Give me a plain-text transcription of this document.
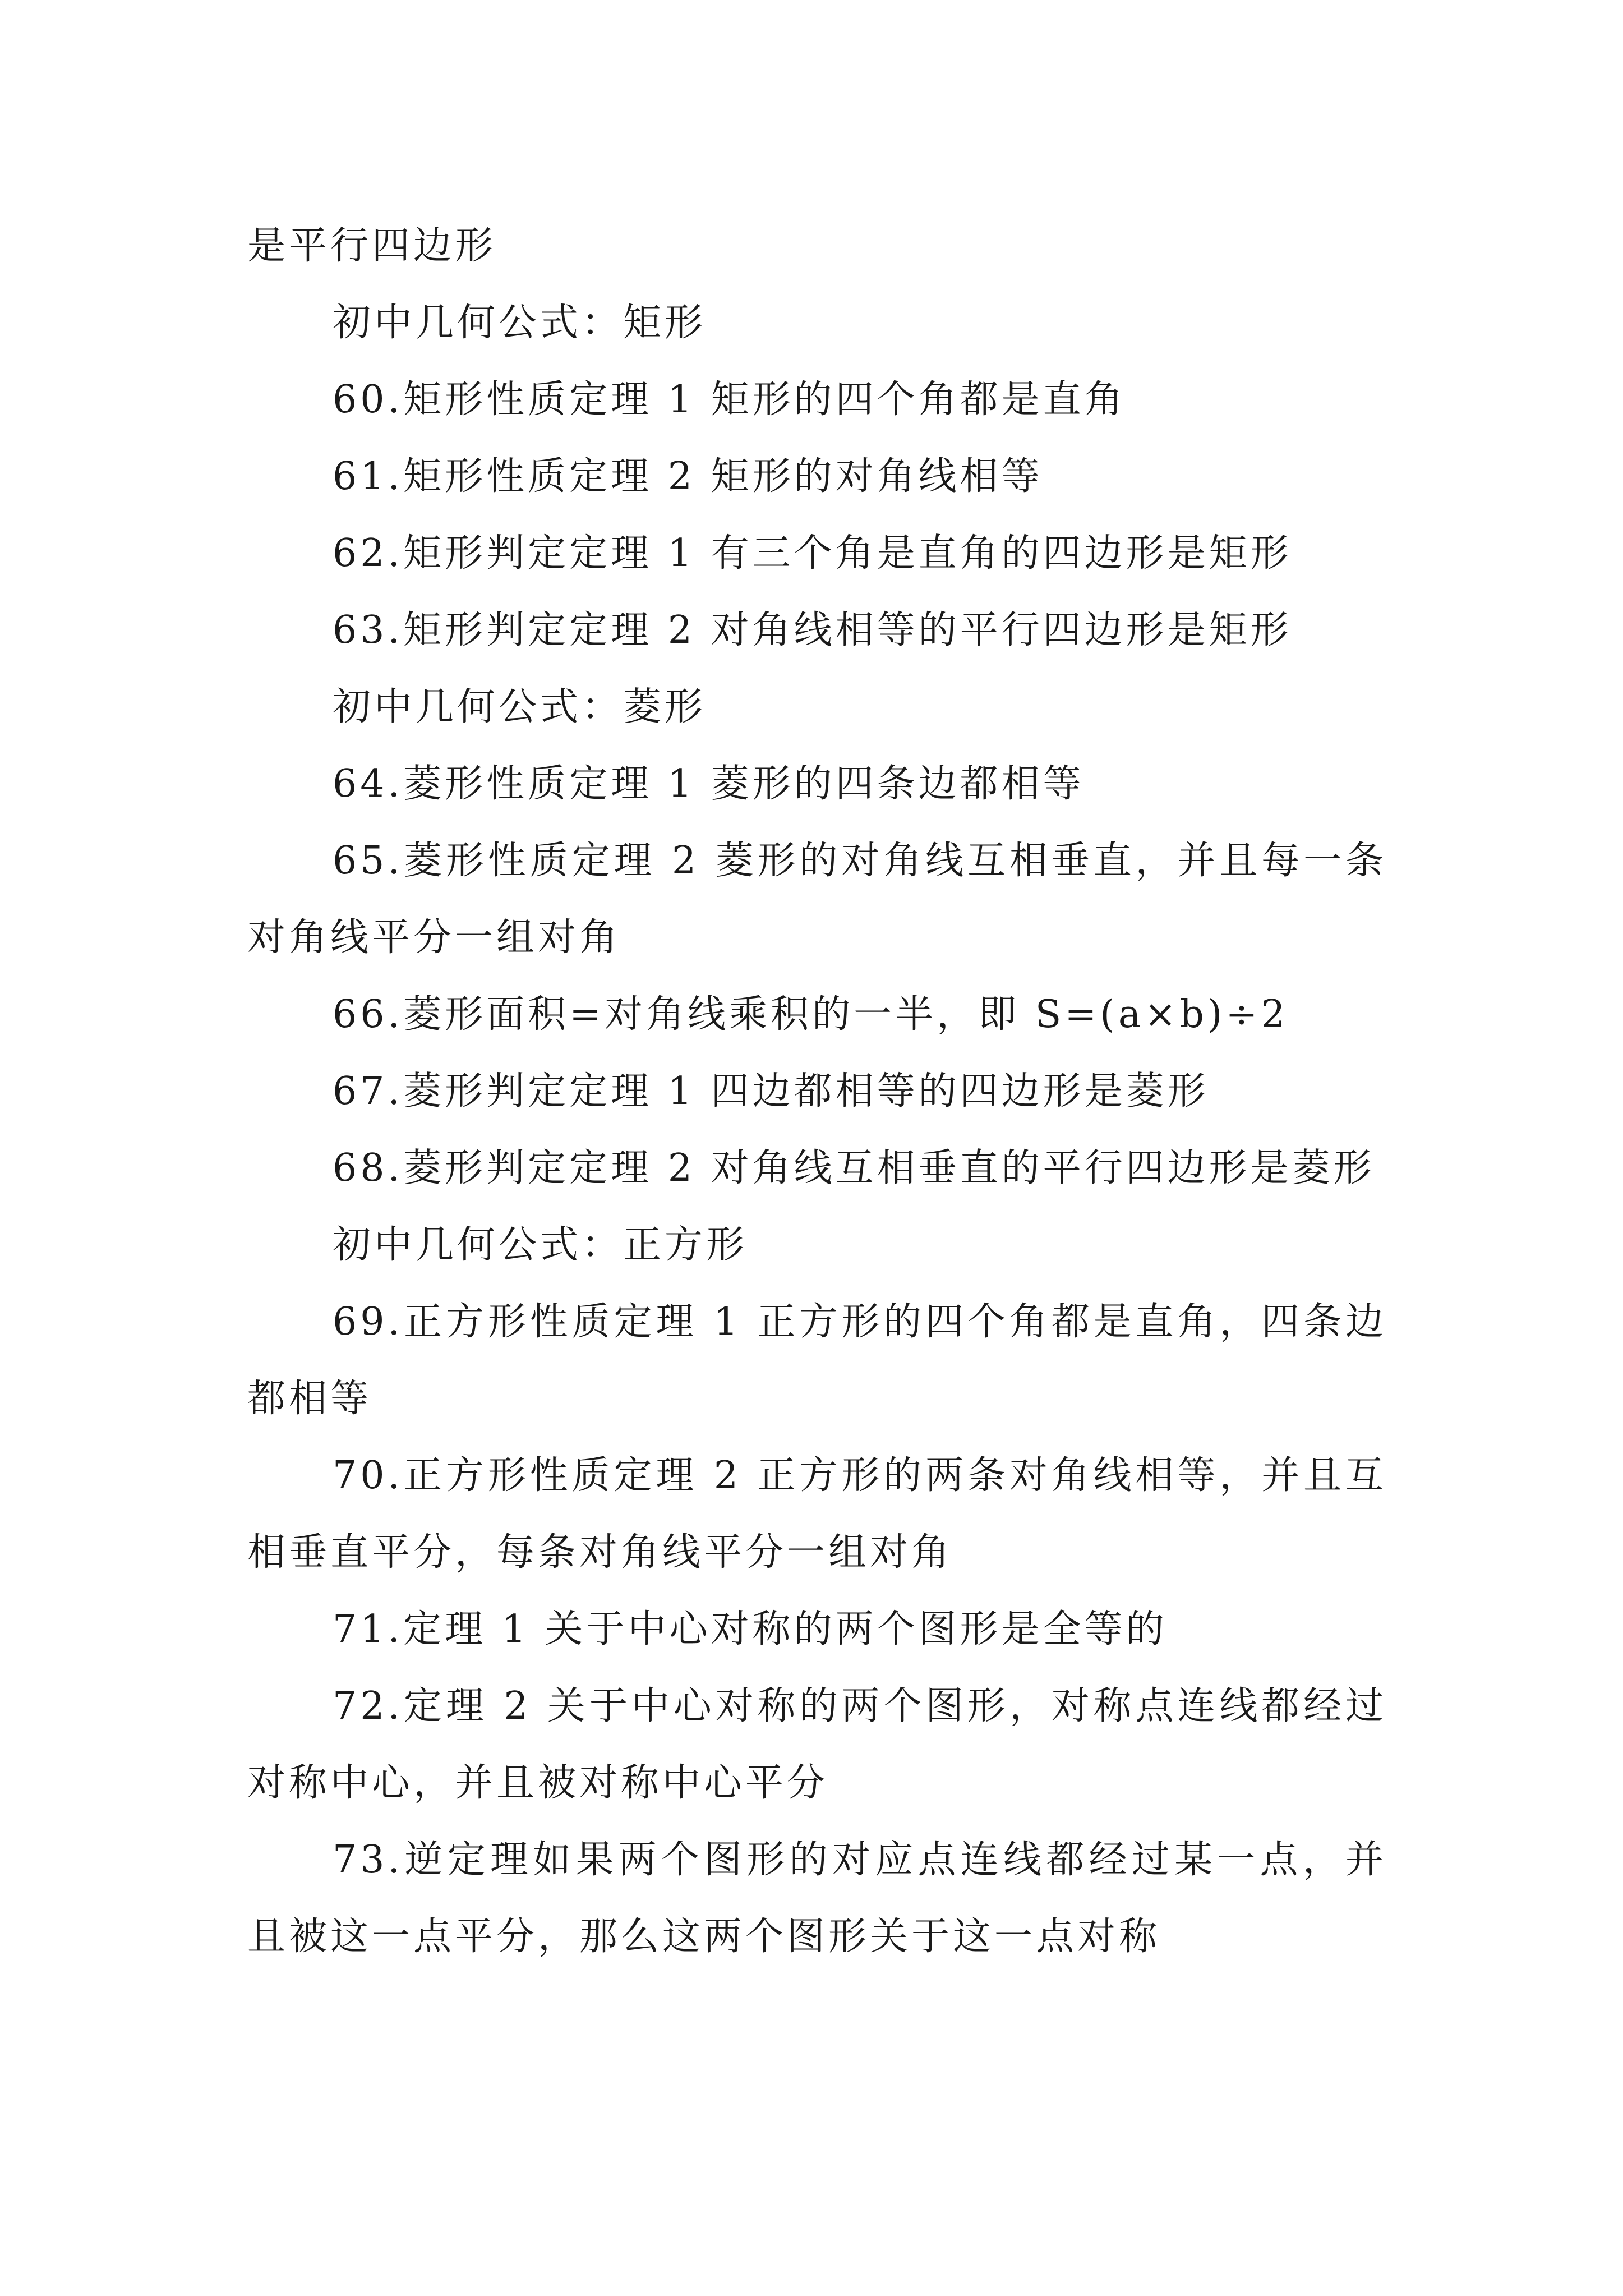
是平行四边形

初中几何公式：矩形

60.矩形性质定理 1 矩形的四个角都是直角

61.矩形性质定理 2 矩形的对角线相等

62.矩形判定定理 1 有三个角是直角的四边形是矩形

63.矩形判定定理 2 对角线相等的平行四边形是矩形

初中几何公式：菱形

64.菱形性质定理 1 菱形的四条边都相等

65.菱形性质定理 2 菱形的对角线互相垂直，并且每一条对角线平分一组对角

66.菱形面积=对角线乘积的一半，即 S=(a×b)÷2

67.菱形判定定理 1 四边都相等的四边形是菱形

68.菱形判定定理 2 对角线互相垂直的平行四边形是菱形

初中几何公式：正方形

69.正方形性质定理 1 正方形的四个角都是直角，四条边都相等

70.正方形性质定理 2 正方形的两条对角线相等，并且互相垂直平分，每条对角线平分一组对角

71.定理 1 关于中心对称的两个图形是全等的

72.定理 2 关于中心对称的两个图形，对称点连线都经过对称中心，并且被对称中心平分

73.逆定理如果两个图形的对应点连线都经过某一点，并且被这一点平分，那么这两个图形关于这一点对称
